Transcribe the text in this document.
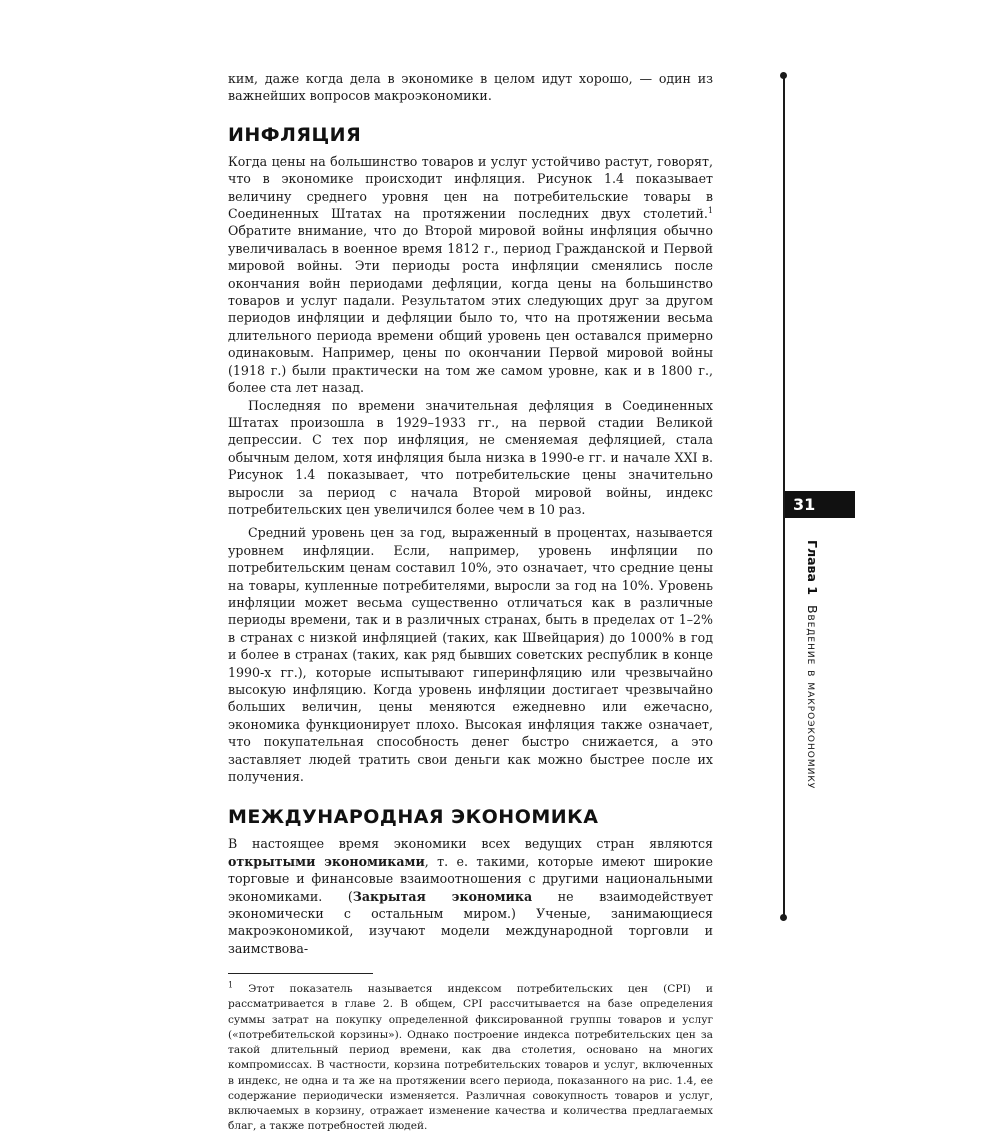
ким, даже когда дела в экономике в целом идут хорошо, — один из важнейших вопросов макроэкономики.

ИНФЛЯЦИЯ

Когда цены на большинство товаров и услуг устойчиво растут, говорят, что в экономике происходит инфляция. Рисунок 1.4 показывает величину среднего уровня цен на потребительские товары в Соединенных Штатах на протяжении последних двух столетий.$^1$ Обратите внимание, что до Второй мировой войны инфляция обычно увеличивалась в военное время 1812 г., период Гражданской и Первой мировой войны. Эти периоды роста инфляции сменялись после окончания войн периодами дефляции, когда цены на большинство товаров и услуг падали. Результатом этих следующих друг за другом периодов инфляции и дефляции было то, что на протяжении весьма длительного периода времени общий уровень цен оставался примерно одинаковым. Например, цены по окончании Первой мировой войны (1918 г.) были практически на том же самом уровне, как и в 1800 г., более ста лет назад.

Последняя по времени значительная дефляция в Соединенных Штатах произошла в 1929–1933 гг., на первой стадии Великой депрессии. С тех пор инфляция, не сменяемая дефляцией, стала обычным делом, хотя инфляция была низка в 1990-е гг. и начале XXI в. Рисунок 1.4 показывает, что потребительские цены значительно выросли за период с начала Второй мировой войны, индекс потребительских цен увеличился более чем в 10 раз.

Средний уровень цен за год, выраженный в процентах, называется уровнем инфляции. Если, например, уровень инфляции по потребительским ценам составил 10%, это означает, что средние цены на товары, купленные потребителями, выросли за год на 10%. Уровень инфляции может весьма существенно отличаться как в различные периоды времени, так и в различных странах, быть в пределах от 1–2% в странах с низкой инфляцией (таких, как Швейцария) до 1000% в год и более в странах (таких, как ряд бывших советских республик в конце 1990-х гг.), которые испытывают гиперинфляцию или чрезвычайно высокую инфляцию. Когда уровень инфляции достигает чрезвычайно больших величин, цены меняются ежедневно или ежечасно, экономика функционирует плохо. Высокая инфляция также означает, что покупательная способность денег быстро снижается, а это заставляет людей тратить свои деньги как можно быстрее после их получения.

МЕЖДУНАРОДНАЯ ЭКОНОМИКА

В настоящее время экономики всех ведущих стран являются открытыми экономиками, т. е. такими, которые имеют широкие торговые и финансовые взаимоотношения с другими национальными экономиками. (Закрытая экономика не взаимодействует экономически с остальным миром.) Ученые, занимающиеся макроэкономикой, изучают модели международной торговли и заимствова-

$^1$ Этот показатель называется индексом потребительских цен (CPI) и рассматривается в главе 2. В общем, CPI рассчитывается на базе определения суммы затрат на покупку определенной фиксированной группы товаров и услуг («потребительской корзины»). Однако построение индекса потребительских цен за такой длительный период времени, как два столетия, основано на многих компромиссах. В частности, корзина потребительских товаров и услуг, включенных в индекс, не одна и та же на протяжении всего периода, показанного на рис. 1.4, ее содержание периодически изменяется. Различная совокупность товаров и услуг, включаемых в корзину, отражает изменение качества и количества предлагаемых благ, а также потребностей людей.

31
Глава 1Введение в макроэкономику
